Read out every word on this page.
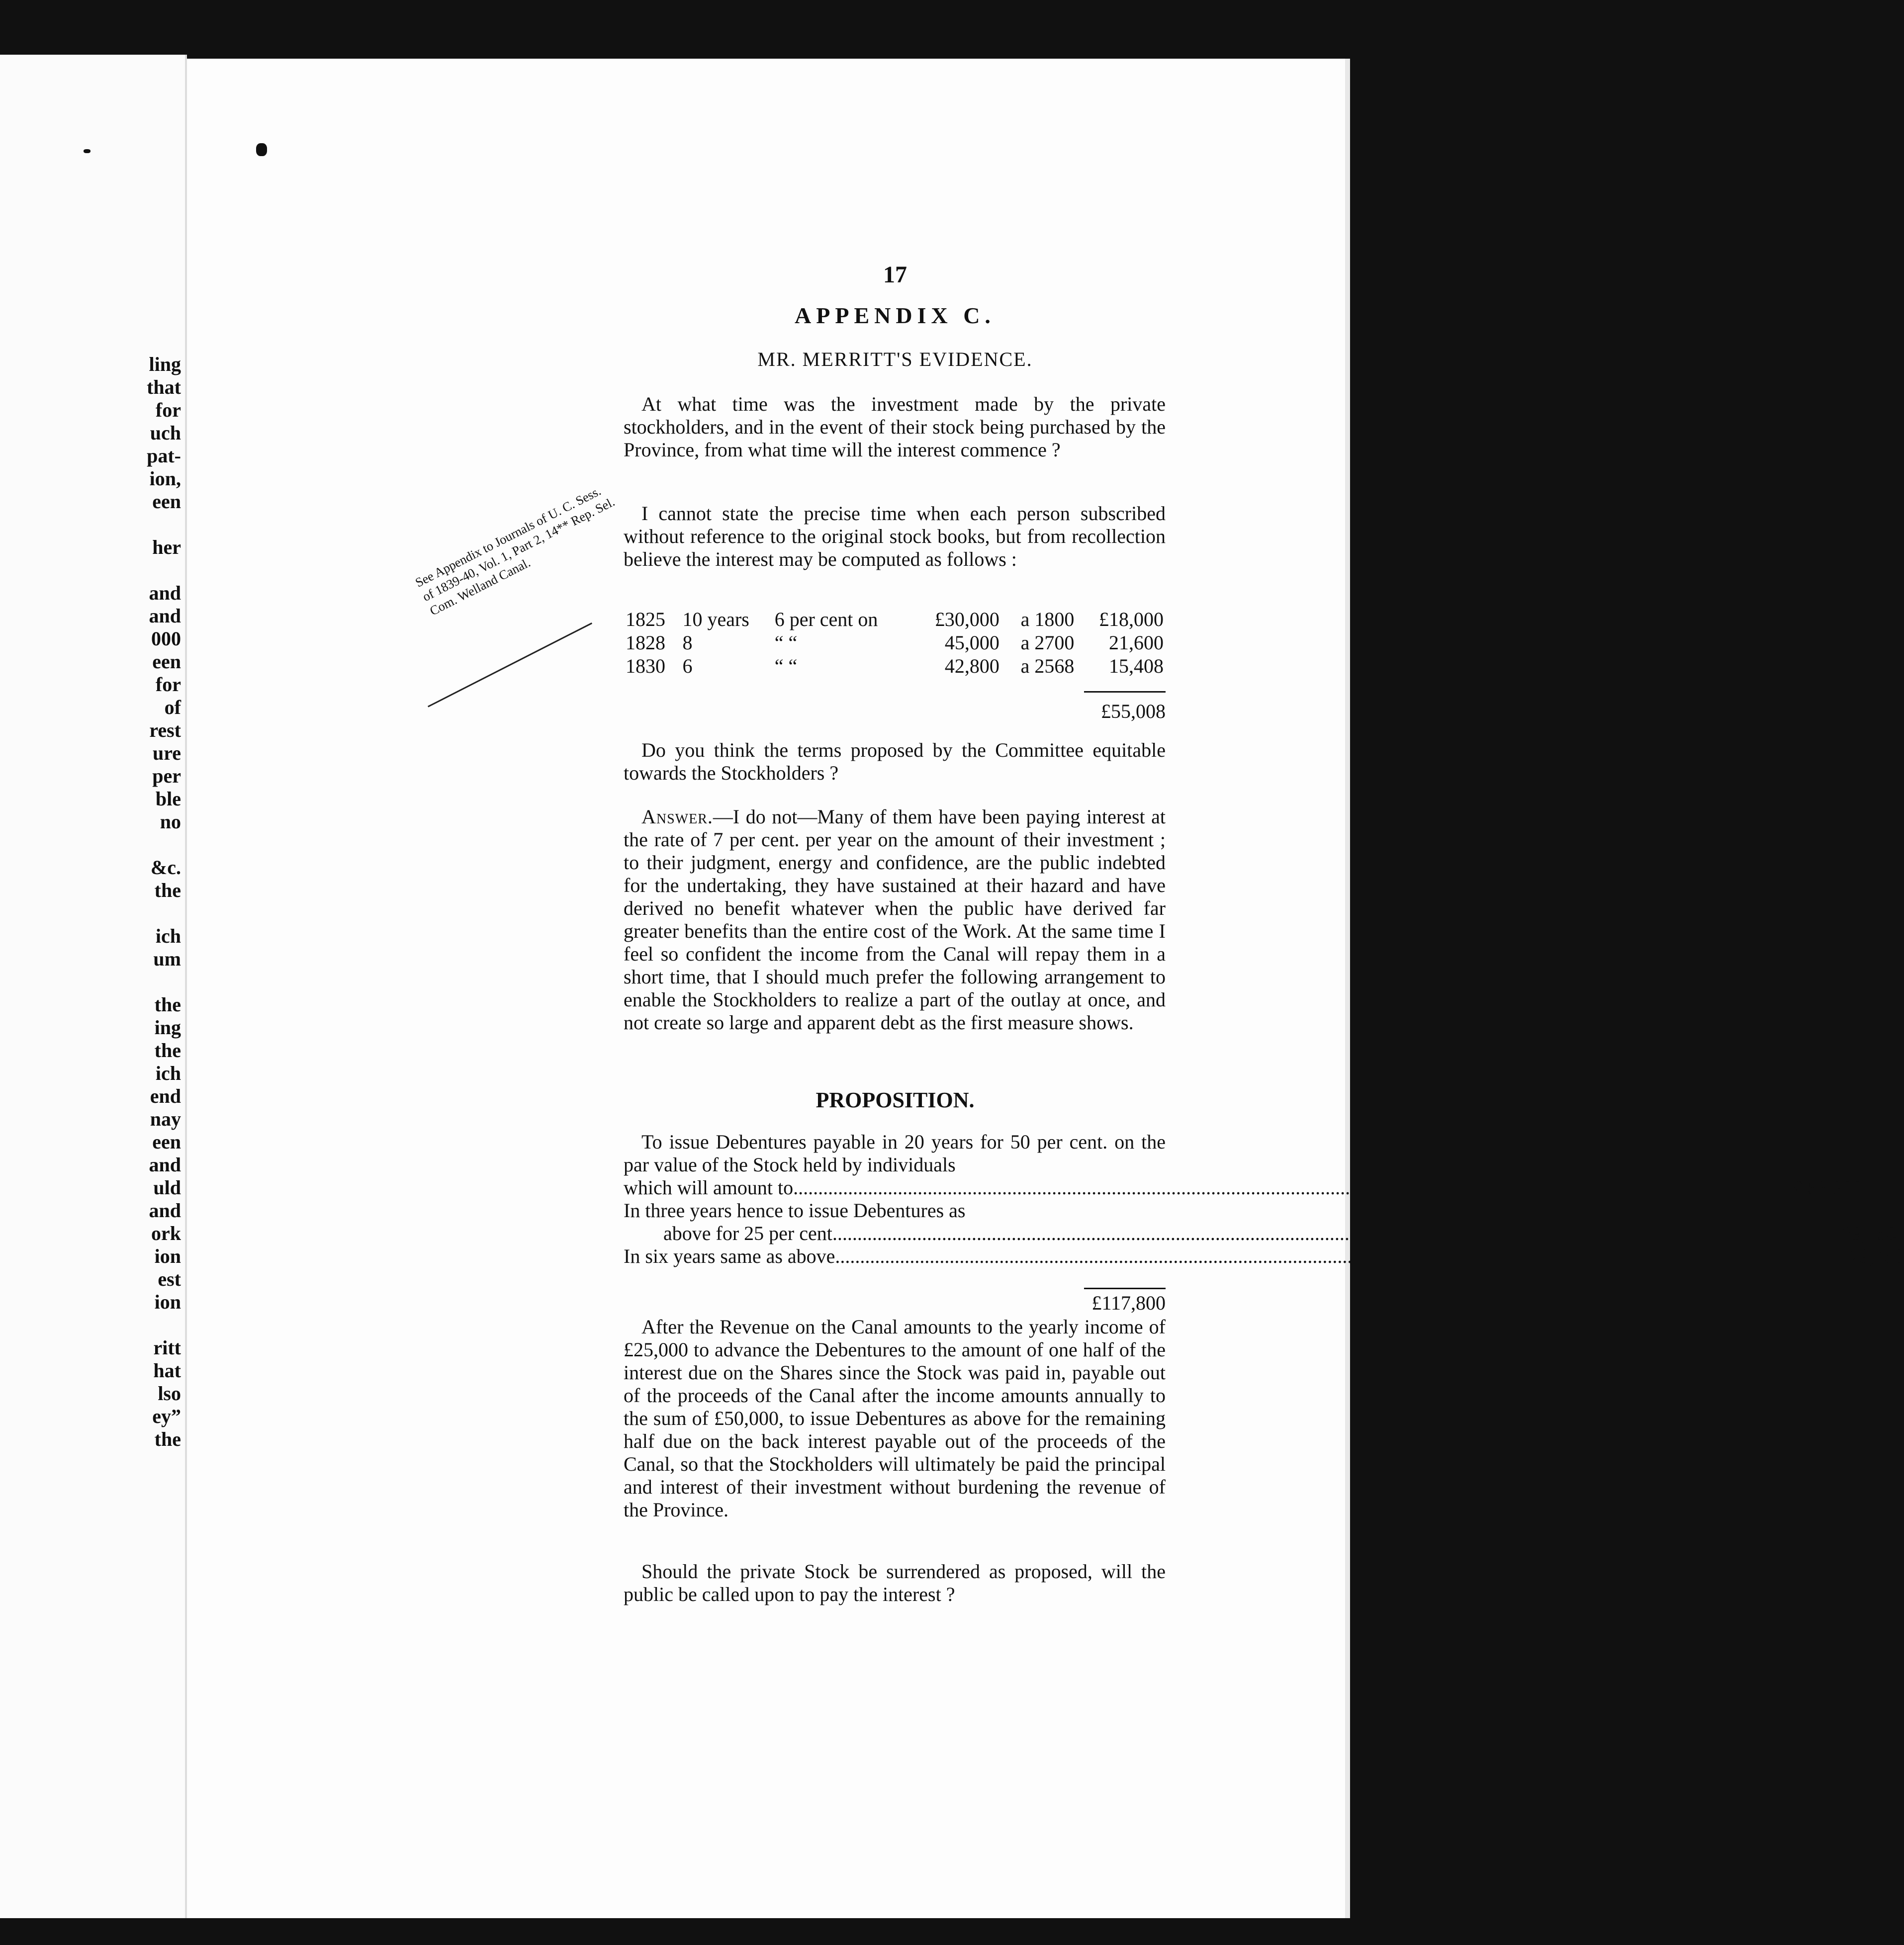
ling
that
for
uch
pat-
ion,
een

her

and
and
000
een
for
of
rest
ure
per
ble
no

&c.
the

ich
um

the
ing
the
ich
end
nay
een
and
uld
and
ork
ion
est
ion

ritt
hat
lso
ey”
the
17
APPENDIX C.
MR. MERRITT'S EVIDENCE.

At what time was the investment made by the private stockholders, and in the event of their stock being purchased by the Province, from what time will the interest commence ?

I cannot state the precise time when each person subscribed without reference to the original stock books, but from recollection believe the interest may be computed as follows :

1825	10 years	6 per cent on	£30,000	a 1800	£18,000
1828	8	“ “	45,000	a 2700	21,600
1830	6	“ “	42,800	a 2568	15,408
£55,008
See Appendix to Journals of U. C. Sess. of 1839-40, Vol. 1, Part 2, 14** Rep. Sel. Com. Welland Canal.

Do you think the terms proposed by the Committee equitable towards the Stockholders ?

Answer.—I do not—Many of them have been paying interest at the rate of 7 per cent. per year on the amount of their investment ; to their judgment, energy and confidence, are the public indebted for the undertaking, they have sustained at their hazard and have derived no benefit whatever when the public have derived far greater benefits than the entire cost of the Work. At the same time I feel so confident the income from the Canal will repay them in a short time, that I should much prefer the following arrangement to enable the Stockholders to realize a part of the outlay at once, and not create so large and apparent debt as the first measure shows.

PROPOSITION.

To issue Debentures payable in 20 years for 50 per cent. on the par value of the Stock held by individuals

which will amount to ........................................................................................................................................................................................................ £ 58,900
In three years hence to issue Debentures as
above for 25 per cent ........................................................................................................................................................................................................ 29,450.
In six years same as above ........................................................................................................................................................................................................	29,450
£117,800

After the Revenue on the Canal amounts to the yearly income of £25,000 to advance the Debentures to the amount of one half of the interest due on the Shares since the Stock was paid in, payable out of the proceeds of the Canal after the income amounts annually to the sum of £50,000, to issue Debentures as above for the remaining half due on the back interest payable out of the proceeds of the Canal, so that the Stockholders will ultimately be paid the principal and interest of their investment without burdening the revenue of the Province.

Should the private Stock be surrendered as proposed, will the public be called upon to pay the interest ?
